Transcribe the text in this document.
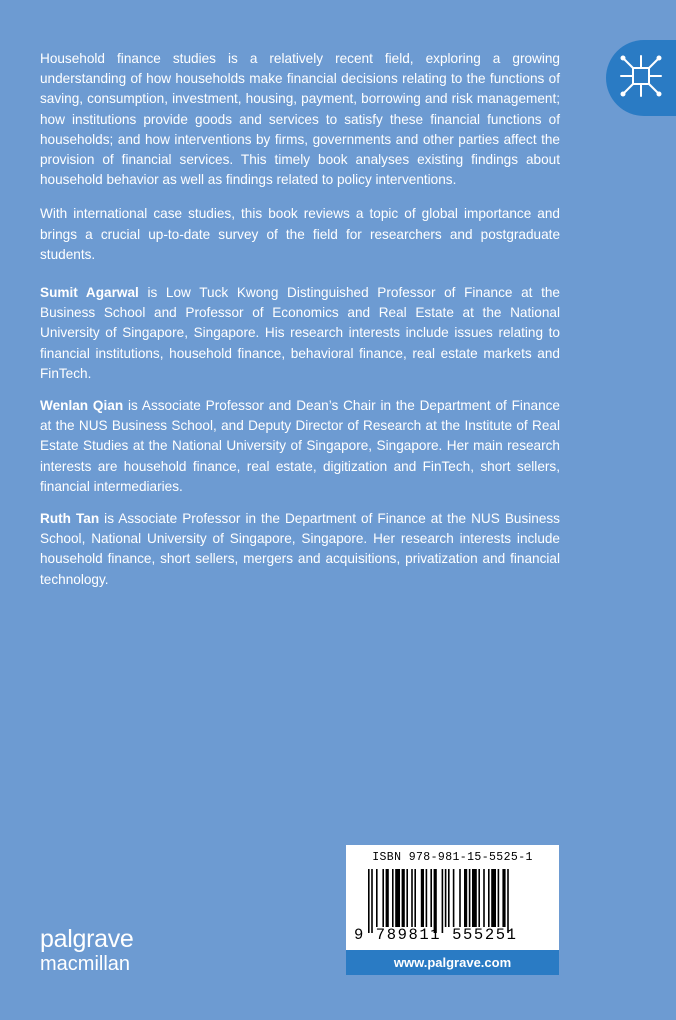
Household finance studies is a relatively recent field, exploring a growing understanding of how households make financial decisions relating to the functions of saving, consumption, investment, housing, payment, borrowing and risk management; how institutions provide goods and services to satisfy these financial functions of households; and how interventions by firms, governments and other parties affect the provision of financial services. This timely book analyses existing findings about household behavior as well as findings related to policy interventions.

With international case studies, this book reviews a topic of global importance and brings a crucial up-to-date survey of the field for researchers and postgraduate students.

Sumit Agarwal is Low Tuck Kwong Distinguished Professor of Finance at the Business School and Professor of Economics and Real Estate at the National University of Singapore, Singapore. His research interests include issues relating to financial institutions, household finance, behavioral finance, real estate markets and FinTech.

Wenlan Qian is Associate Professor and Dean’s Chair in the Department of Finance at the NUS Business School, and Deputy Director of Research at the Institute of Real Estate Studies at the National University of Singapore, Singapore. Her main research interests are household finance, real estate, digitization and FinTech, short sellers, financial intermediaries.

Ruth Tan is Associate Professor in the Department of Finance at the NUS Business School, National University of Singapore, Singapore. Her research interests include household finance, short sellers, mergers and acquisitions, privatization and financial technology.

palgrave
macmillan
ISBN 978-981-15-5525-1
9 789811 555251
www.palgrave.com
